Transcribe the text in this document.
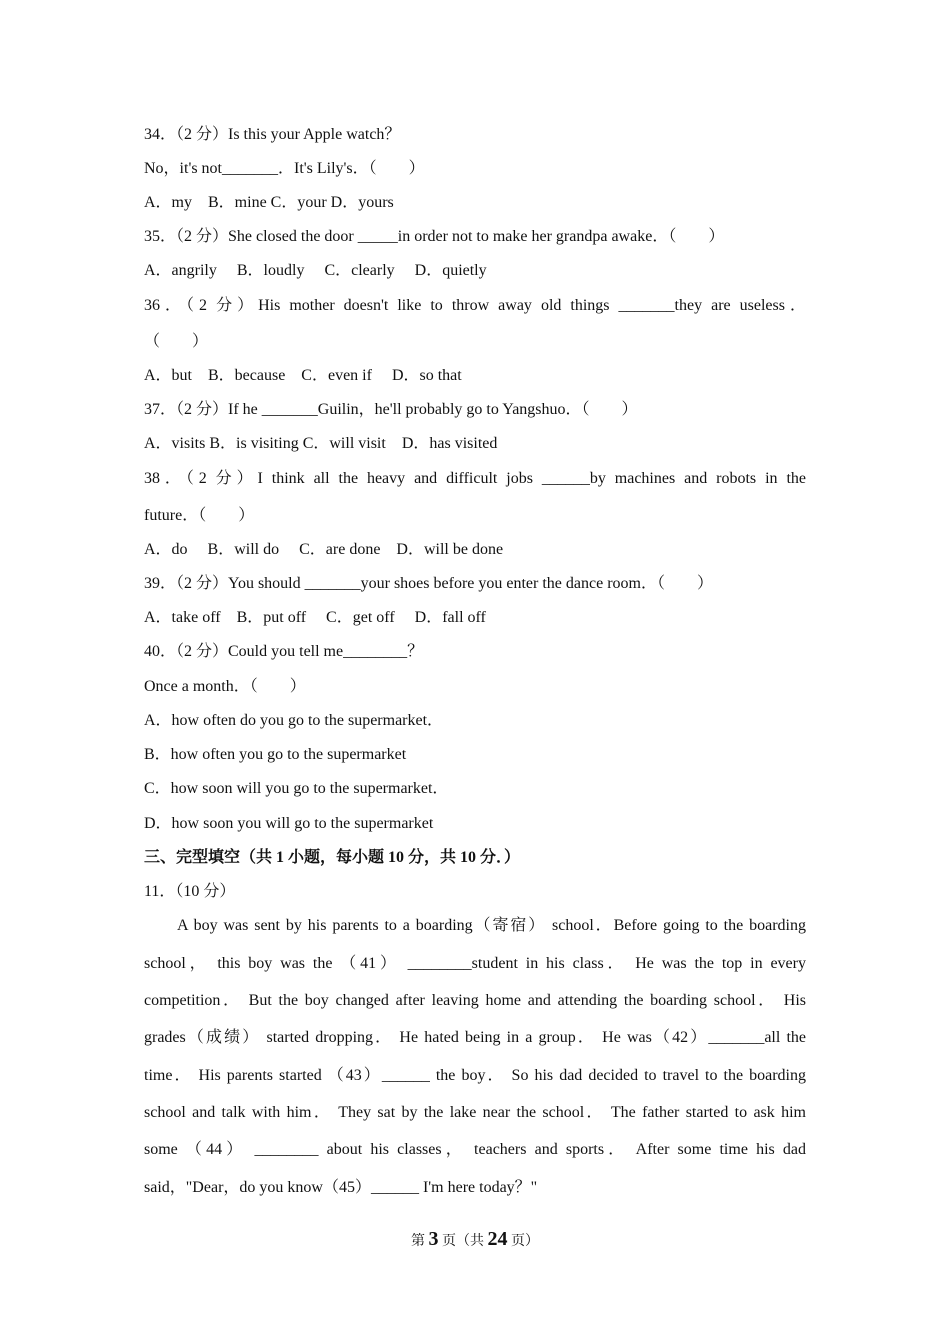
34．（2 分）Is this your Apple watch？
No，it's not_______．It's Lily's．（　　）
A．my　B．mine C．your D．yours
35．（2 分）She closed the door _____in order not to make her grandpa awake．（　　）
A．angrily　 B．loudly　 C．clearly　 D．quietly
36．（2 分）His mother doesn't like to throw away old things _______they are useless．
（　　）
A．but　B．because　C．even if　 D．so that
37．（2 分）If he _______Guilin，he'll probably go to Yangshuo．（　　）
A．visits B．is visiting C．will visit　D．has visited
38．（2 分）I think all the heavy and difficult jobs ______by machines and robots in the
future．（　　）
A．do　 B．will do　 C．are done　D．will be done
39．（2 分）You should _______your shoes before you enter the dance room．（　　）
A．take off　B．put off　 C．get off　 D．fall off
40．（2 分）Could you tell me________？
Once a month．（　　）
A．how often do you go to the supermarket．
B．how often you go to the supermarket
C．how soon will you go to the supermarket．
D．how soon you will go to the supermarket
三、完型填空（共 1 小题，每小题 10 分，共 10 分．）
11．（10 分）
A boy was sent by his parents to a boarding（寄宿） school．Before going to the boarding
school， this boy was the （41） ________student in his class． He was the top in every
competition． But the boy changed after leaving home and attending the boarding school． His
grades（成绩） started dropping． He hated being in a group． He was（42）_______all the
time． His parents started （43）______ the boy． So his dad decided to travel to the boarding
school and talk with him． They sat by the lake near the school． The father started to ask him
some （44） ________ about his classes， teachers and sports． After some time his dad
said，"Dear，do you know（45）______ I'm here today？"
第 3 页（共 24 页）
